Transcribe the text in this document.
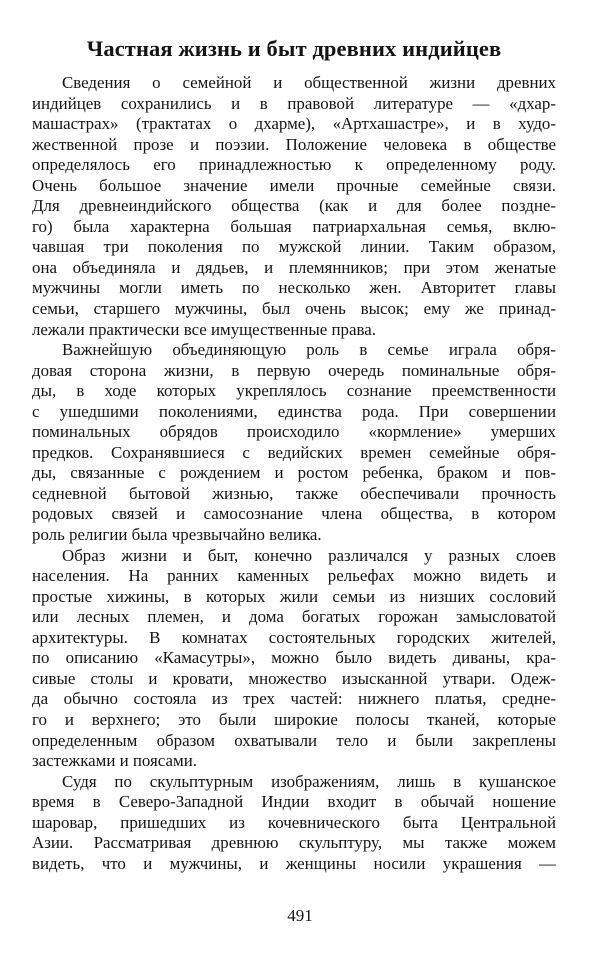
Частная жизнь и быт древних индийцев

Сведения о семейной и общественной жизни древних
индийцев сохранились и в правовой литературе — «дхар-
машастрах» (трактатах о дхарме), «Артхашастре», и в худо-
жественной прозе и поэзии. Положение человека в обществе
определялось его принадлежностью к определенному роду.
Очень большое значение имели прочные семейные связи.
Для древнеиндийского общества (как и для более поздне-
го) была характерна большая патриархальная семья, вклю-
чавшая три поколения по мужской линии. Таким образом,
она объединяла и дядьев, и племянников; при этом женатые
мужчины могли иметь по несколько жен. Авторитет главы
семьи, старшего мужчины, был очень высок; ему же принад-
лежали практически все имущественные права.

Важнейшую объединяющую роль в семье играла обря-
довая сторона жизни, в первую очередь поминальные обря-
ды, в ходе которых укреплялось сознание преемственности
с ушедшими поколениями, единства рода. При совершении
поминальных обрядов происходило «кормление» умерших
предков. Сохранявшиеся с ведийских времен семейные обря-
ды, связанные с рождением и ростом ребенка, браком и пов-
седневной бытовой жизнью, также обеспечивали прочность
родовых связей и самосознание члена общества, в котором
роль религии была чрезвычайно велика.

Образ жизни и быт, конечно различался у разных слоев
населения. На ранних каменных рельефах можно видеть и
простые хижины, в которых жили семьи из низших сословий
или лесных племен, и дома богатых горожан замысловатой
архитектуры. В комнатах состоятельных городских жителей,
по описанию «Камасутры», можно было видеть диваны, кра-
сивые столы и кровати, множество изысканной утвари. Одеж-
да обычно состояла из трех частей: нижнего платья, средне-
го и верхнего; это были широкие полосы тканей, которые
определенным образом охватывали тело и были закреплены
застежками и поясами.

Судя по скульптурным изображениям, лишь в кушанское
время в Северо-Западной Индии входит в обычай ношение
шаровар, пришедших из кочевнического быта Центральной
Азии. Рассматривая древнюю скульптуру, мы также можем
видеть, что и мужчины, и женщины носили украшения —

491
